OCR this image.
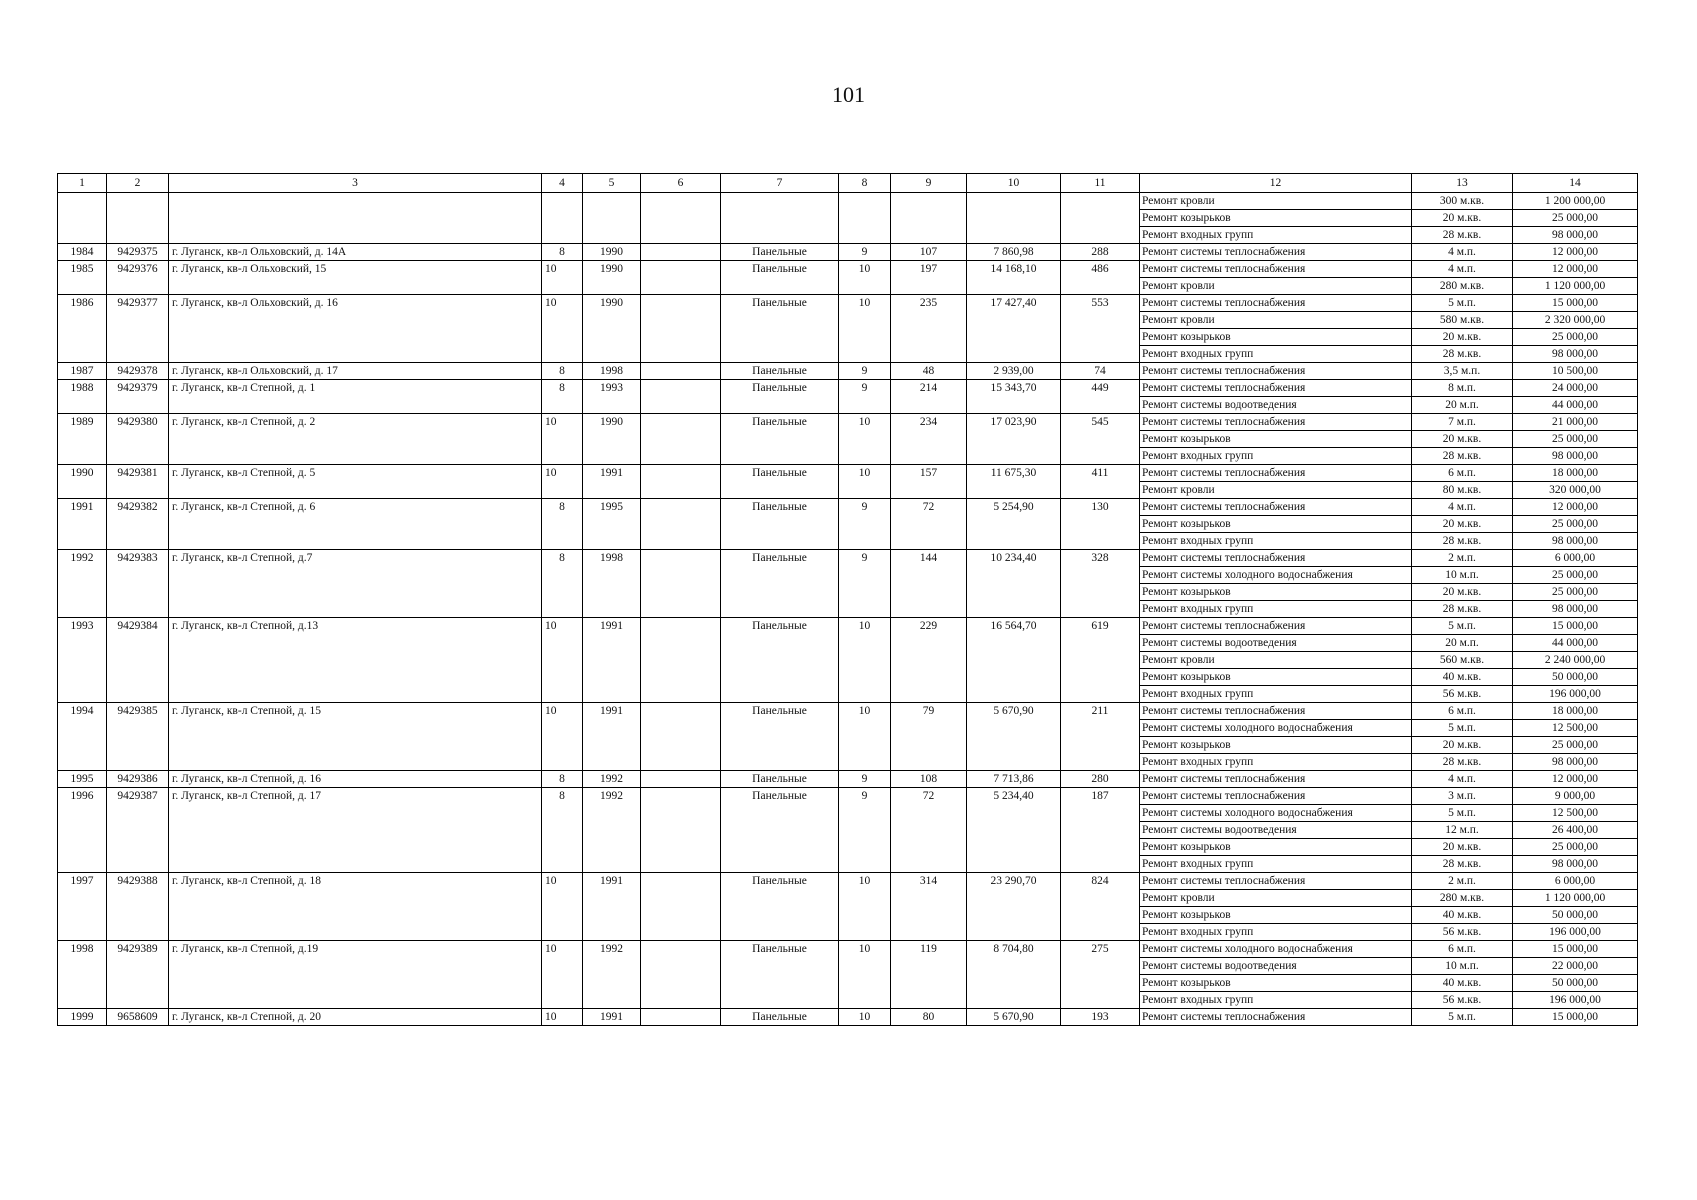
101
1	2	3	4	5	6	7	8	9	10	11	12	13	14
											Ремонт кровли	300 м.кв.	1 200 000,00
											Ремонт козырьков	20 м.кв.	25 000,00
											Ремонт входных групп	28 м.кв.	98 000,00
1984	9429375	г. Луганск, кв-л Ольховский, д. 14А	8	1990		Панельные	9	107	7 860,98	288	Ремонт системы теплоснабжения	4 м.п.	12 000,00
1985	9429376	г. Луганск, кв-л Ольховский, 15	10	1990		Панельные	10	197	14 168,10	486	Ремонт системы теплоснабжения	4 м.п.	12 000,00
											Ремонт кровли	280 м.кв.	1 120 000,00
1986	9429377	г. Луганск, кв-л Ольховский, д. 16	10	1990		Панельные	10	235	17 427,40	553	Ремонт системы теплоснабжения	5 м.п.	15 000,00
											Ремонт кровли	580 м.кв.	2 320 000,00
											Ремонт козырьков	20 м.кв.	25 000,00
											Ремонт входных групп	28 м.кв.	98 000,00
1987	9429378	г. Луганск, кв-л Ольховский, д. 17	8	1998		Панельные	9	48	2 939,00	74	Ремонт системы теплоснабжения	3,5 м.п.	10 500,00
1988	9429379	г. Луганск, кв-л Степной, д. 1	8	1993		Панельные	9	214	15 343,70	449	Ремонт системы теплоснабжения	8 м.п.	24 000,00
											Ремонт системы водоотведения	20 м.п.	44 000,00
1989	9429380	г. Луганск, кв-л Степной, д. 2	10	1990		Панельные	10	234	17 023,90	545	Ремонт системы теплоснабжения	7 м.п.	21 000,00
											Ремонт козырьков	20 м.кв.	25 000,00
											Ремонт входных групп	28 м.кв.	98 000,00
1990	9429381	г. Луганск, кв-л Степной, д. 5	10	1991		Панельные	10	157	11 675,30	411	Ремонт системы теплоснабжения	6 м.п.	18 000,00
											Ремонт кровли	80 м.кв.	320 000,00
1991	9429382	г. Луганск, кв-л Степной, д. 6	8	1995		Панельные	9	72	5 254,90	130	Ремонт системы теплоснабжения	4 м.п.	12 000,00
											Ремонт козырьков	20 м.кв.	25 000,00
											Ремонт входных групп	28 м.кв.	98 000,00
1992	9429383	г. Луганск, кв-л Степной, д.7	8	1998		Панельные	9	144	10 234,40	328	Ремонт системы теплоснабжения	2 м.п.	6 000,00
											Ремонт системы холодного водоснабжения	10 м.п.	25 000,00
											Ремонт козырьков	20 м.кв.	25 000,00
											Ремонт входных групп	28 м.кв.	98 000,00
1993	9429384	г. Луганск, кв-л Степной, д.13	10	1991		Панельные	10	229	16 564,70	619	Ремонт системы теплоснабжения	5 м.п.	15 000,00
											Ремонт системы водоотведения	20 м.п.	44 000,00
											Ремонт кровли	560 м.кв.	2 240 000,00
											Ремонт козырьков	40 м.кв.	50 000,00
											Ремонт входных групп	56 м.кв.	196 000,00
1994	9429385	г. Луганск, кв-л Степной, д. 15	10	1991		Панельные	10	79	5 670,90	211	Ремонт системы теплоснабжения	6 м.п.	18 000,00
											Ремонт системы холодного водоснабжения	5 м.п.	12 500,00
											Ремонт козырьков	20 м.кв.	25 000,00
											Ремонт входных групп	28 м.кв.	98 000,00
1995	9429386	г. Луганск, кв-л Степной, д. 16	8	1992		Панельные	9	108	7 713,86	280	Ремонт системы теплоснабжения	4 м.п.	12 000,00
1996	9429387	г. Луганск, кв-л Степной, д. 17	8	1992		Панельные	9	72	5 234,40	187	Ремонт системы теплоснабжения	3 м.п.	9 000,00
											Ремонт системы холодного водоснабжения	5 м.п.	12 500,00
											Ремонт системы водоотведения	12 м.п.	26 400,00
											Ремонт козырьков	20 м.кв.	25 000,00
											Ремонт входных групп	28 м.кв.	98 000,00
1997	9429388	г. Луганск, кв-л Степной, д. 18	10	1991		Панельные	10	314	23 290,70	824	Ремонт системы теплоснабжения	2 м.п.	6 000,00
											Ремонт кровли	280 м.кв.	1 120 000,00
											Ремонт козырьков	40 м.кв.	50 000,00
											Ремонт входных групп	56 м.кв.	196 000,00
1998	9429389	г. Луганск, кв-л Степной, д.19	10	1992		Панельные	10	119	8 704,80	275	Ремонт системы холодного водоснабжения	6 м.п.	15 000,00
											Ремонт системы водоотведения	10 м.п.	22 000,00
											Ремонт козырьков	40 м.кв.	50 000,00
											Ремонт входных групп	56 м.кв.	196 000,00
1999	9658609	г. Луганск, кв-л Степной, д. 20	10	1991		Панельные	10	80	5 670,90	193	Ремонт системы теплоснабжения	5 м.п.	15 000,00
